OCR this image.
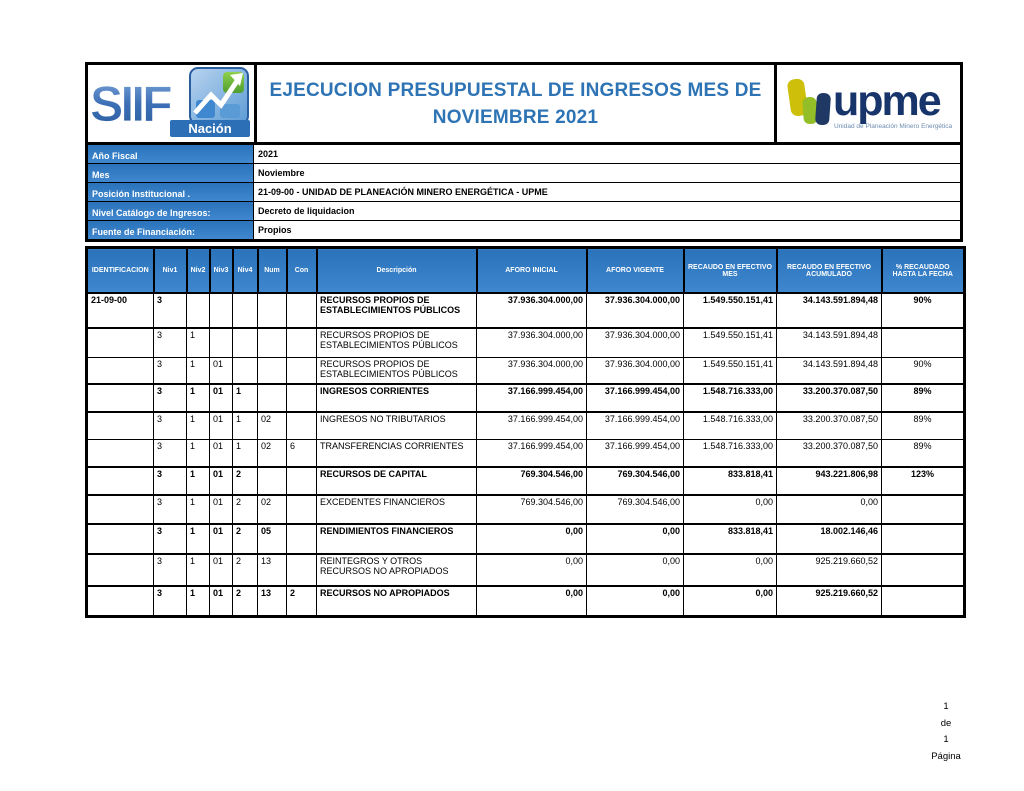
SIIF	Nación
EJECUCION PRESUPUESTAL DE INGRESOS MES DE
NOVIEMBRE 2021	upme
Unidad de Planeación Minero Energética
Año Fiscal	2021
Mes	Noviembre
Posición Institucional .	21-09-00 - UNIDAD DE PLANEACIÓN MINERO ENERGÉTICA - UPME
Nivel Catálogo de Ingresos:	Decreto de liquidacion
Fuente de Financiación:	Propios
IDENTIFICACION	Niv1	Niv2	Niv3	Niv4	Num	Con	Descripción	AFORO INICIAL	AFORO VIGENTE	RECAUDO EN EFECTIVO MES	RECAUDO EN EFECTIVO ACUMULADO	% RECAUDADO HASTA LA FECHA
21-09-00	3						RECURSOS PROPIOS DE ESTABLECIMIENTOS PÚBLICOS	37.936.304.000,00	37.936.304.000,00	1.549.550.151,41	34.143.591.894,48	90%
	3	1					RECURSOS PROPIOS DE ESTABLECIMIENTOS PÚBLICOS	37.936.304.000,00	37.936.304.000,00	1.549.550.151,41	34.143.591.894,48	
	3	1	01				RECURSOS PROPIOS DE ESTABLECIMIENTOS PÚBLICOS	37.936.304.000,00	37.936.304.000,00	1.549.550.151,41	34.143.591.894,48	90%
	3	1	01	1			INGRESOS CORRIENTES	37.166.999.454,00	37.166.999.454,00	1.548.716.333,00	33.200.370.087,50	89%
	3	1	01	1	02		INGRESOS NO TRIBUTARIOS	37.166.999.454,00	37.166.999.454,00	1.548.716.333,00	33.200.370.087,50	89%
	3	1	01	1	02	6	TRANSFERENCIAS CORRIENTES	37.166.999.454,00	37.166.999.454,00	1.548.716.333,00	33.200.370.087,50	89%
	3	1	01	2			RECURSOS DE CAPITAL	769.304.546,00	769.304.546,00	833.818,41	943.221.806,98	123%
	3	1	01	2	02		EXCEDENTES FINANCIEROS	769.304.546,00	769.304.546,00	0,00	0,00	
	3	1	01	2	05		RENDIMIENTOS FINANCIEROS	0,00	0,00	833.818,41	18.002.146,46	
	3	1	01	2	13		REINTEGROS Y OTROS RECURSOS NO APROPIADOS	0,00	0,00	0,00	925.219.660,52	
	3	1	01	2	13	2	RECURSOS NO APROPIADOS	0,00	0,00	0,00	925.219.660,52	
1
de
1
Página
